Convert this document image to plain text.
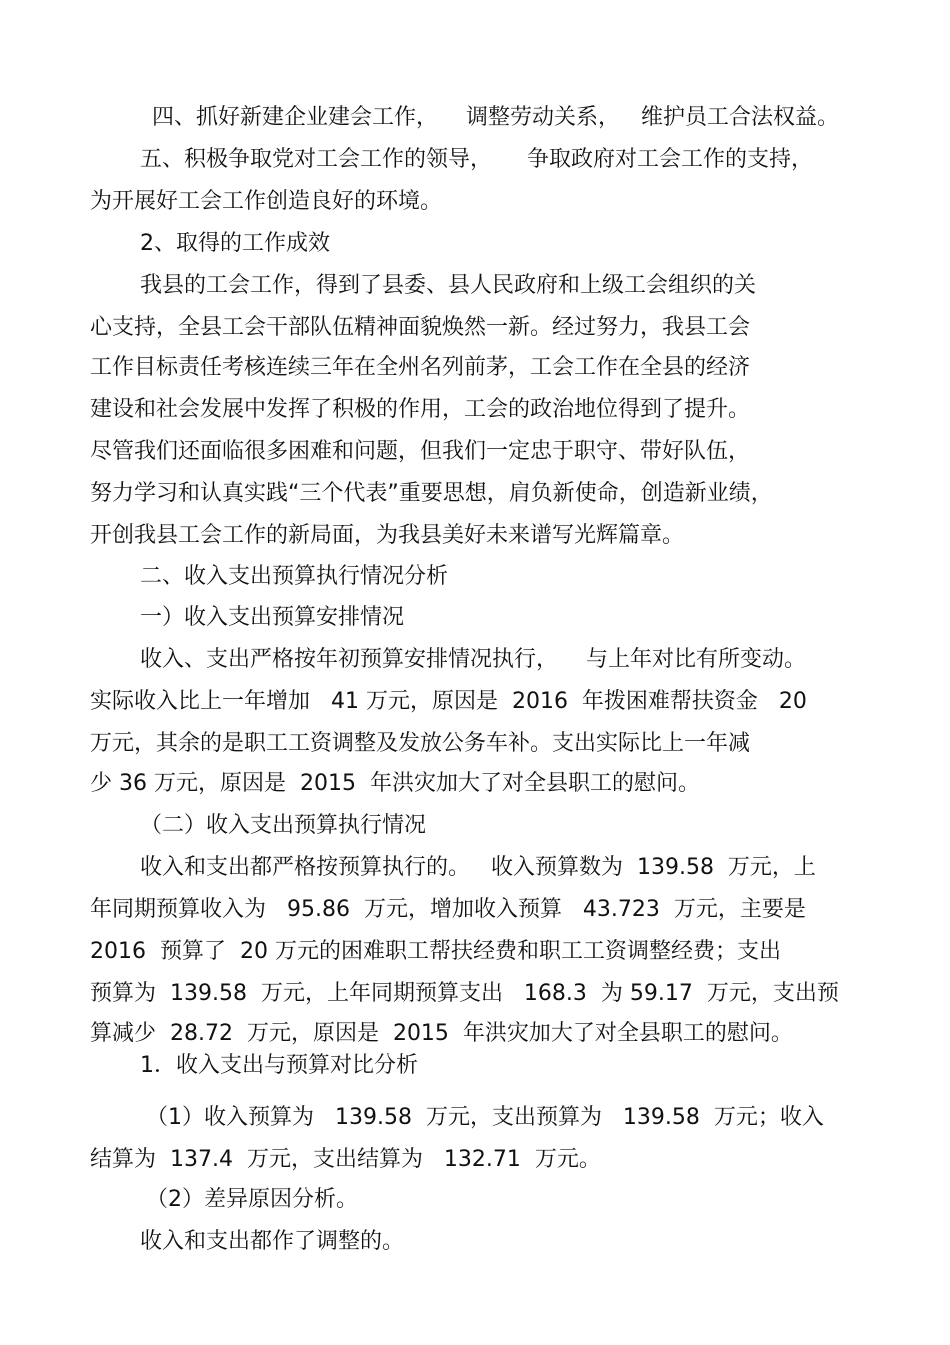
四、抓好新建企业建会工作，    调整劳动关系，   维护员工合法权益。
五、积极争取党对工会工作的领导，     争取政府对工会工作的支持，
为开展好工会工作创造良好的环境。
2、取得的工作成效
我县的工会工作，得到了县委、县人民政府和上级工会组织的关
心支持，全县工会干部队伍精神面貌焕然一新。经过努力，我县工会
工作目标责任考核连续三年在全州名列前茅，工会工作在全县的经济
建设和社会发展中发挥了积极的作用，工会的政治地位得到了提升。
尽管我们还面临很多困难和问题，但我们一定忠于职守、带好队伍，
努力学习和认真实践“三个代表”重要思想，肩负新使命，创造新业绩，
开创我县工会工作的新局面，为我县美好未来谱写光辉篇章。
二、收入支出预算执行情况分析
一）收入支出预算安排情况
收入、支出严格按年初预算安排情况执行，    与上年对比有所变动。
实际收入比上一年增加   41 万元，原因是  2016  年拨困难帮扶资金   20
万元，其余的是职工工资调整及发放公务车补。支出实际比上一年减
少 36 万元，原因是  2015  年洪灾加大了对全县职工的慰问。
（二）收入支出预算执行情况
收入和支出都严格按预算执行的。   收入预算数为  139.58  万元，上
年同期预算收入为   95.86  万元，增加收入预算   43.723  万元，主要是
2016  预算了  20 万元的困难职工帮扶经费和职工工资调整经费；支出
预算为  139.58  万元，上年同期预算支出   168.3  为 59.17  万元，支出预
算减少  28.72  万元，原因是  2015  年洪灾加大了对全县职工的慰问。
1．收入支出与预算对比分析
（1）收入预算为   139.58  万元，支出预算为   139.58  万元；收入
结算为  137.4  万元，支出结算为   132.71  万元。
（2）差异原因分析。
收入和支出都作了调整的。
